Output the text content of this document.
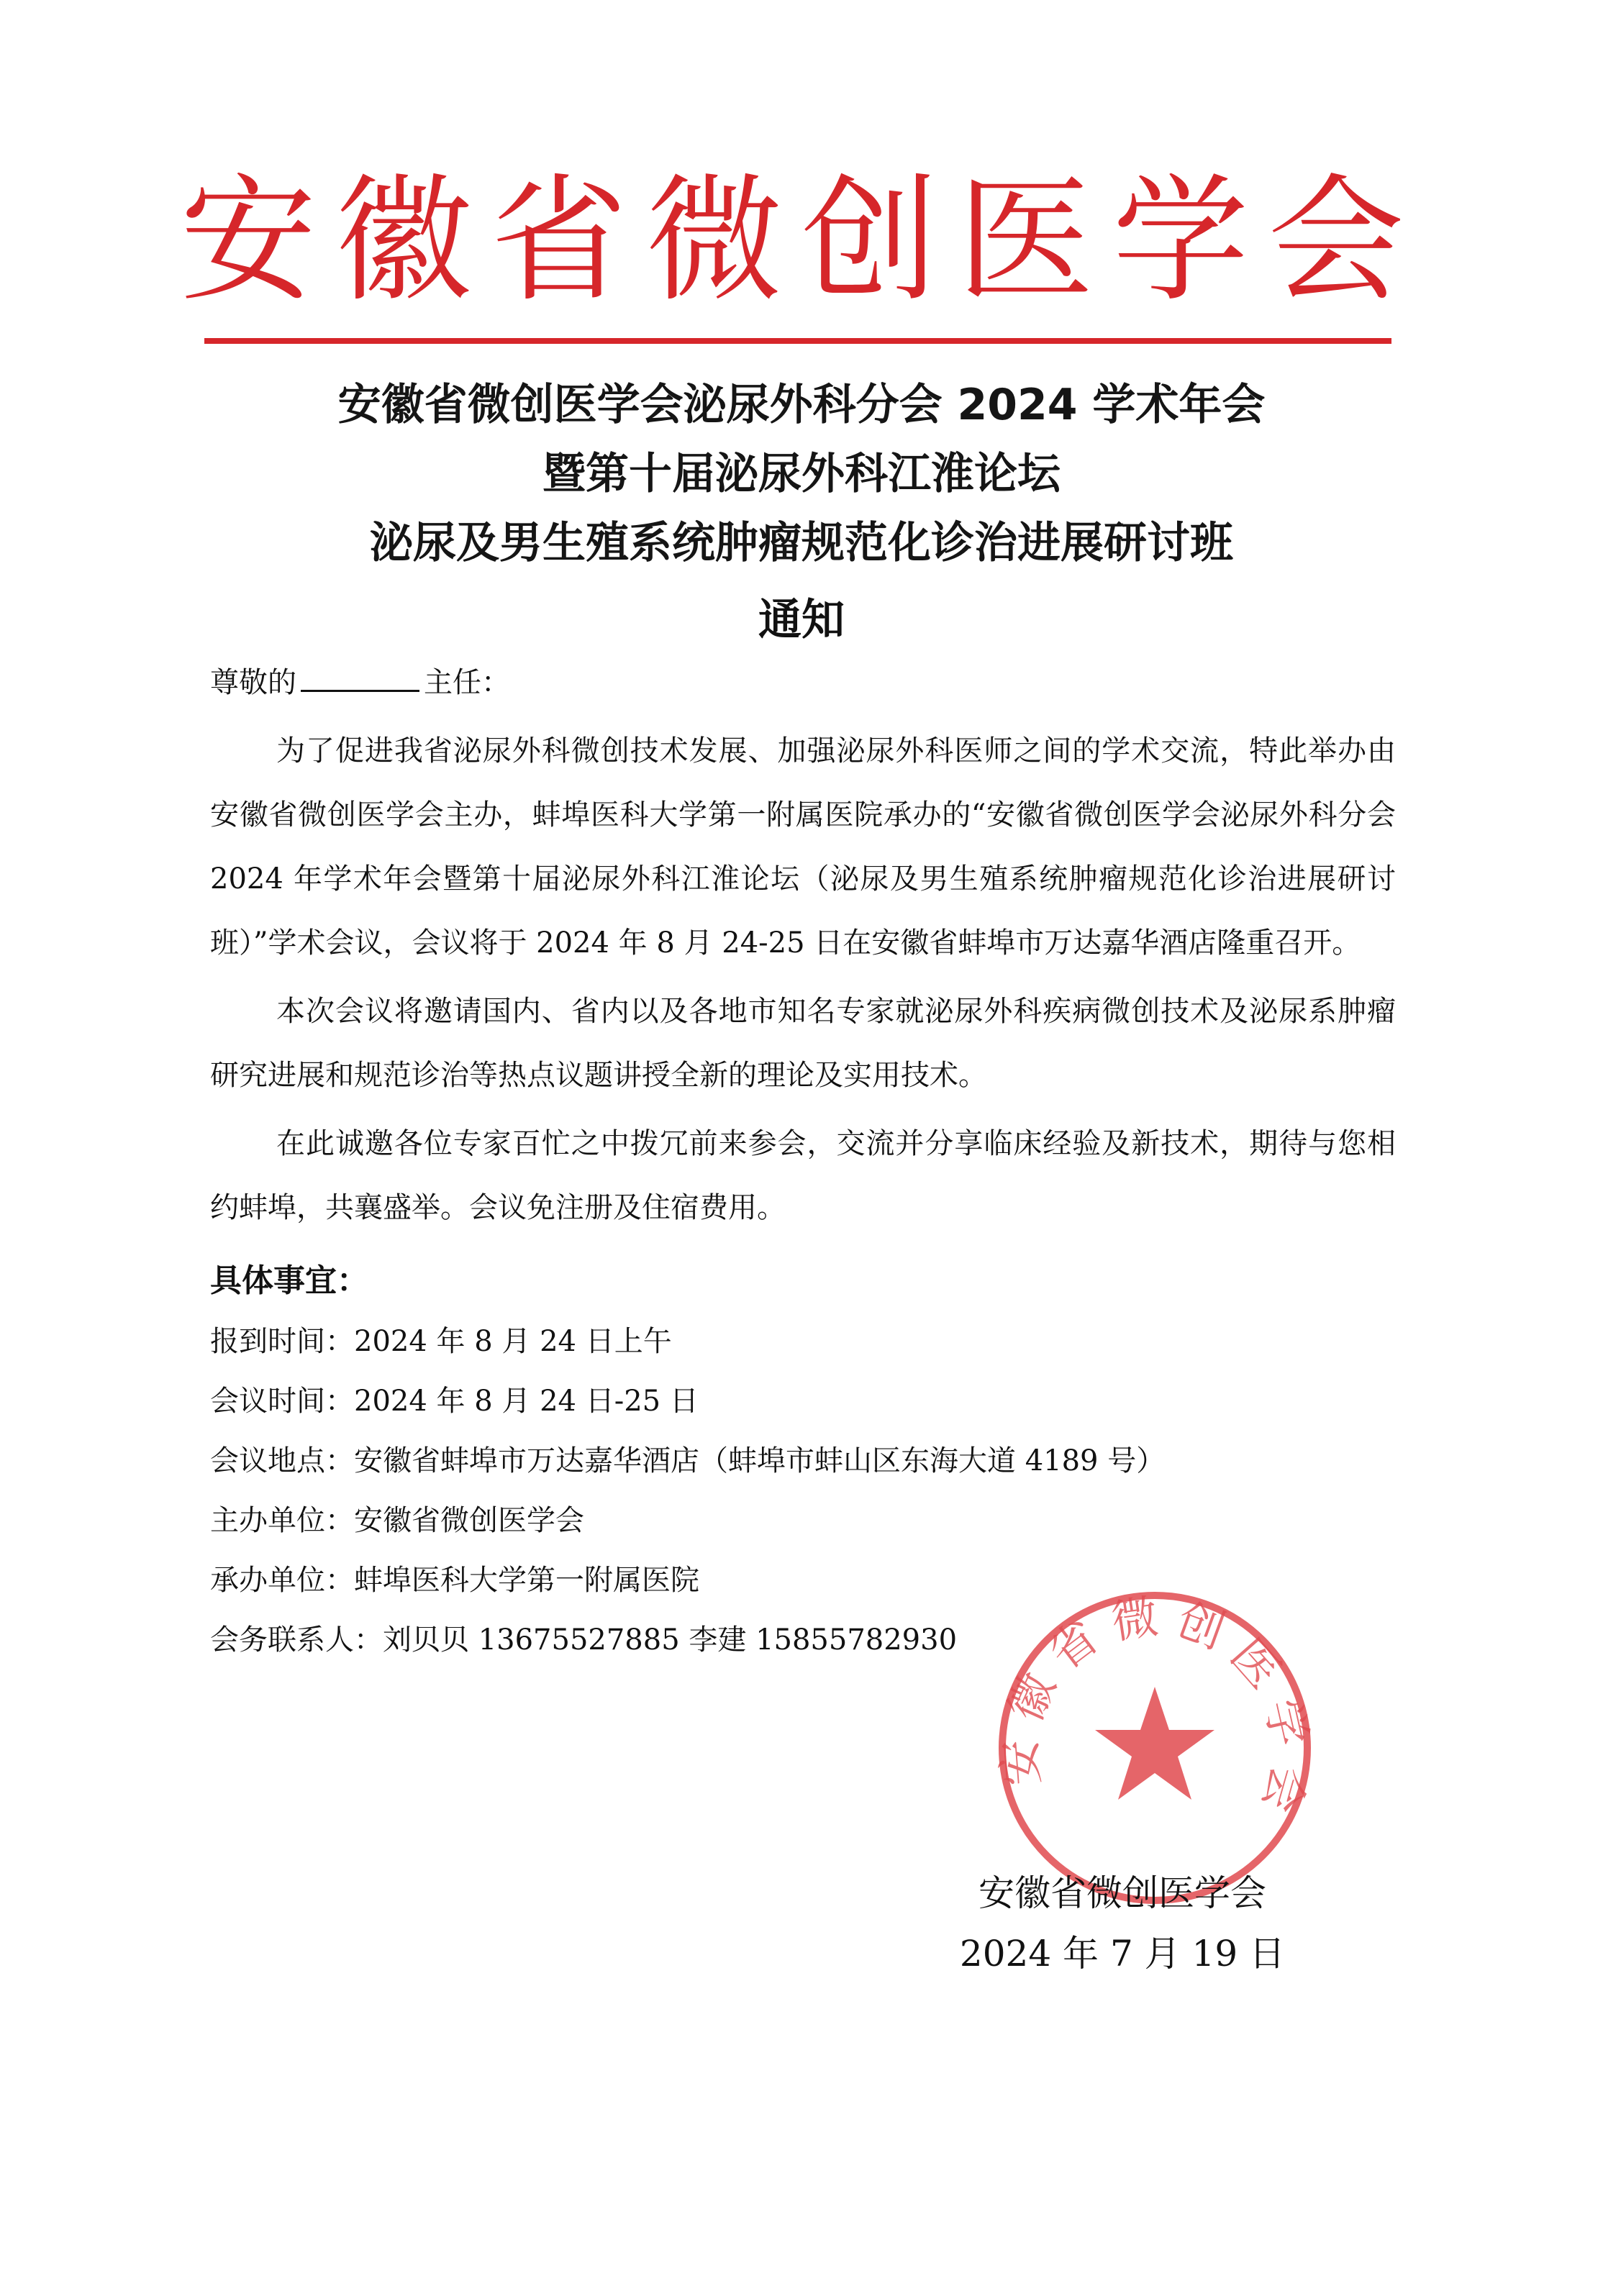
安徽省微创医学会
安徽省微创医学会泌尿外科分会 2024 学术年会
暨第十届泌尿外科江淮论坛
泌尿及男生殖系统肿瘤规范化诊治进展研讨班
通知
尊敬的	主任：
为了促进我省泌尿外科微创技术发展、加强泌尿外科医师之间的学术交流，特此举办由安徽省微创医学会主办，蚌埠医科大学第一附属医院承办的“安徽省微创医学会泌尿外科分会 2024 年学术年会暨第十届泌尿外科江淮论坛（泌尿及男生殖系统肿瘤规范化诊治进展研讨班）”学术会议，会议将于 2024 年 8 月 24-25 日在安徽省蚌埠市万达嘉华酒店隆重召开。
本次会议将邀请国内、省内以及各地市知名专家就泌尿外科疾病微创技术及泌尿系肿瘤研究进展和规范诊治等热点议题讲授全新的理论及实用技术。
在此诚邀各位专家百忙之中拨冗前来参会，交流并分享临床经验及新技术，期待与您相约蚌埠，共襄盛举。会议免注册及住宿费用。
具体事宜：
报到时间：2024 年 8 月 24 日上午
会议时间：2024 年 8 月 24 日-25 日
会议地点：安徽省蚌埠市万达嘉华酒店（蚌埠市蚌山区东海大道 4189 号）
主办单位：安徽省微创医学会
承办单位：蚌埠医科大学第一附属医院
会务联系人：刘贝贝 13675527885 李建 15855782930
安徽省微创医学会
安徽省微创医学会
2024 年 7 月 19 日
